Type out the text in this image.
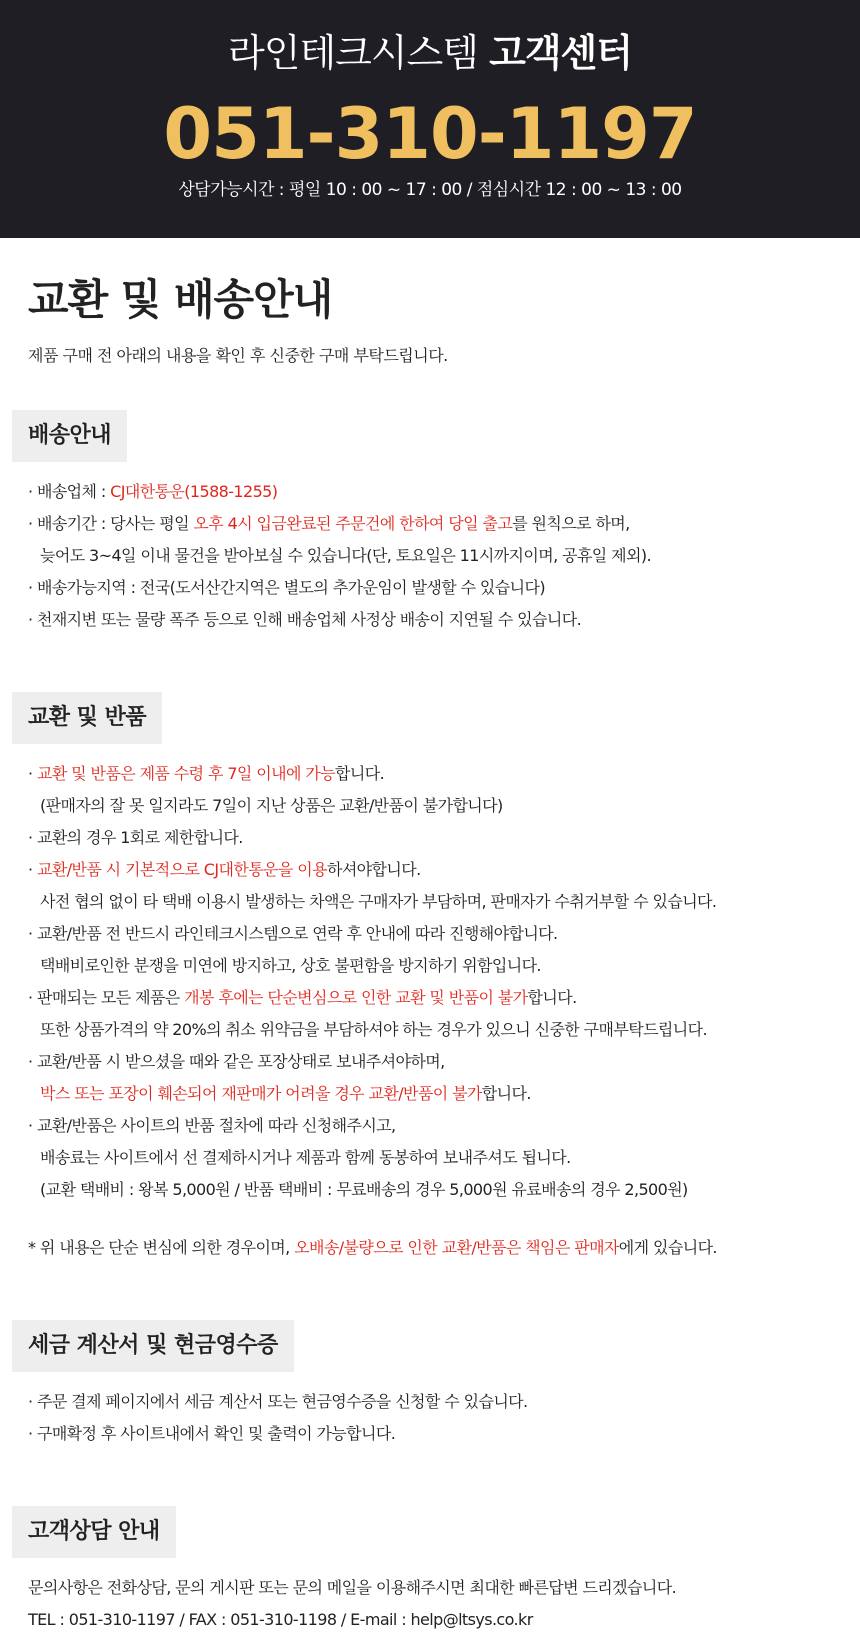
라인테크시스템 고객센터
051-310-1197
상담가능시간 : 평일 10 : 00 ~ 17 : 00 / 점심시간 12 : 00 ~ 13 : 00
교환 및 배송안내
제품 구매 전 아래의 내용을 확인 후 신중한 구매 부탁드립니다.
배송안내
· 배송업체 : CJ대한통운(1588-1255)
· 배송기간 : 당사는 평일 오후 4시 입금완료된 주문건에 한하여 당일 출고를 원칙으로 하며,
늦어도 3~4일 이내 물건을 받아보실 수 있습니다(단, 토요일은 11시까지이며, 공휴일 제외).
· 배송가능지역 : 전국(도서산간지역은 별도의 추가운임이 발생할 수 있습니다)
· 천재지변 또는 물량 폭주 등으로 인해 배송업체 사정상 배송이 지연될 수 있습니다.
교환 및 반품
· 교환 및 반품은 제품 수령 후 7일 이내에 가능합니다.
(판매자의 잘 못 일지라도 7일이 지난 상품은 교환/반품이 불가합니다)
· 교환의 경우 1회로 제한합니다.
· 교환/반품 시 기본적으로 CJ대한통운을 이용하셔야합니다.
사전 협의 없이 타 택배 이용시 발생하는 차액은 구매자가 부담하며, 판매자가 수취거부할 수 있습니다.
· 교환/반품 전 반드시 라인테크시스템으로 연락 후 안내에 따라 진행해야합니다.
택배비로인한 분쟁을 미연에 방지하고, 상호 불편함을 방지하기 위함입니다.
· 판매되는 모든 제품은 개봉 후에는 단순변심으로 인한 교환 및 반품이 불가합니다.
또한 상품가격의 약 20%의 취소 위약금을 부담하셔야 하는 경우가 있으니 신중한 구매부탁드립니다.
· 교환/반품 시 받으셨을 때와 같은 포장상태로 보내주셔야하며,
박스 또는 포장이 훼손되어 재판매가 어려울 경우 교환/반품이 불가합니다.
· 교환/반품은 사이트의 반품 절차에 따라 신청해주시고,
배송료는 사이트에서 선 결제하시거나 제품과 함께 동봉하여 보내주셔도 됩니다.
(교환 택배비 : 왕복 5,000원 / 반품 택배비 : 무료배송의 경우 5,000원 유료배송의 경우 2,500원)
* 위 내용은 단순 변심에 의한 경우이며, 오배송/불량으로 인한 교환/반품은 책임은 판매자에게 있습니다.
세금 계산서 및 현금영수증
· 주문 결제 페이지에서 세금 계산서 또는 현금영수증을 신청할 수 있습니다.
· 구매확정 후 사이트내에서 확인 및 출력이 가능합니다.
고객상담 안내
문의사항은 전화상담, 문의 게시판 또는 문의 메일을 이용해주시면 최대한 빠른답변 드리겠습니다.
TEL : 051-310-1197 / FAX : 051-310-1198 / E-mail : help@ltsys.co.kr
